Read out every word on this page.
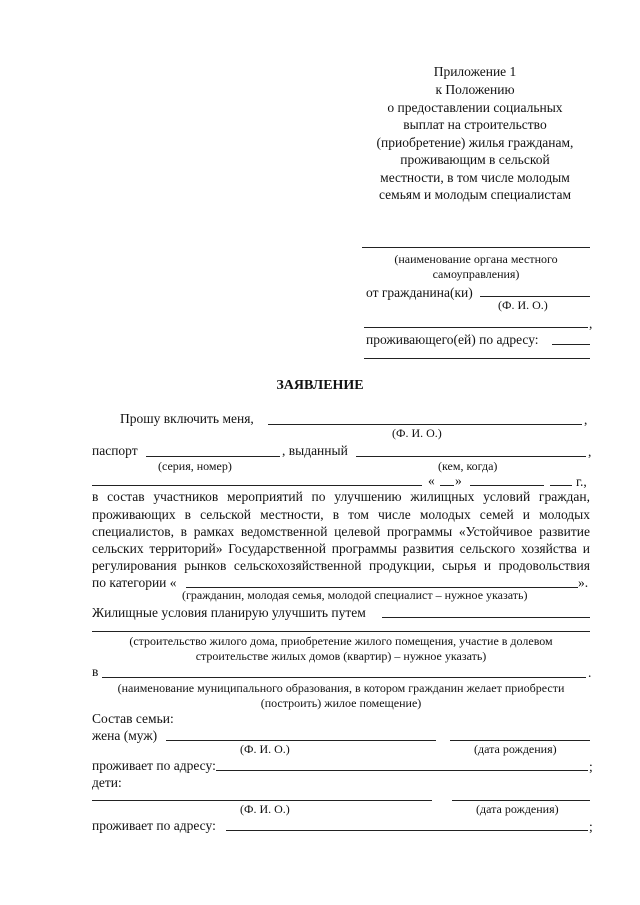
Приложение 1
к Положению
о предоставлении социальных
выплат на строительство
(приобретение) жилья гражданам,
проживающим в сельской
местности, в том числе молодым
семьям и молодым специалистам
(наименование органа местного
самоуправления)
от гражданина(ки)
(Ф. И. О.)
,
проживающего(ей) по адресу:
ЗАЯВЛЕНИЕ
Прошу включить меня,	,
(Ф. И. О.)
паспорт	, выданный	,
(серия, номер)	(кем, когда)
« »	г.,
в состав участников мероприятий по улучшению жилищных условий граждан,
проживающих в сельской местности, в том числе молодых семей и молодых
специалистов, в рамках ведомственной целевой программы «Устойчивое развитие
сельских территорий» Государственной программы развития сельского хозяйства и
регулирования рынков сельскохозяйственной продукции, сырья и продовольствия
по категории «	».
(гражданин, молодая семья, молодой специалист – нужное указать)
Жилищные условия планирую улучшить путем
(строительство жилого дома, приобретение жилого помещения, участие в долевом
строительстве жилых домов (квартир) – нужное указать)
в	.
(наименование муниципального образования, в котором гражданин желает приобрести
(построить) жилое помещение)
Состав семьи:
жена (муж)
(Ф. И. О.)	(дата рождения)
проживает по адресу:	;
дети:
(Ф. И. О.)	(дата рождения)
проживает по адресу:	;
